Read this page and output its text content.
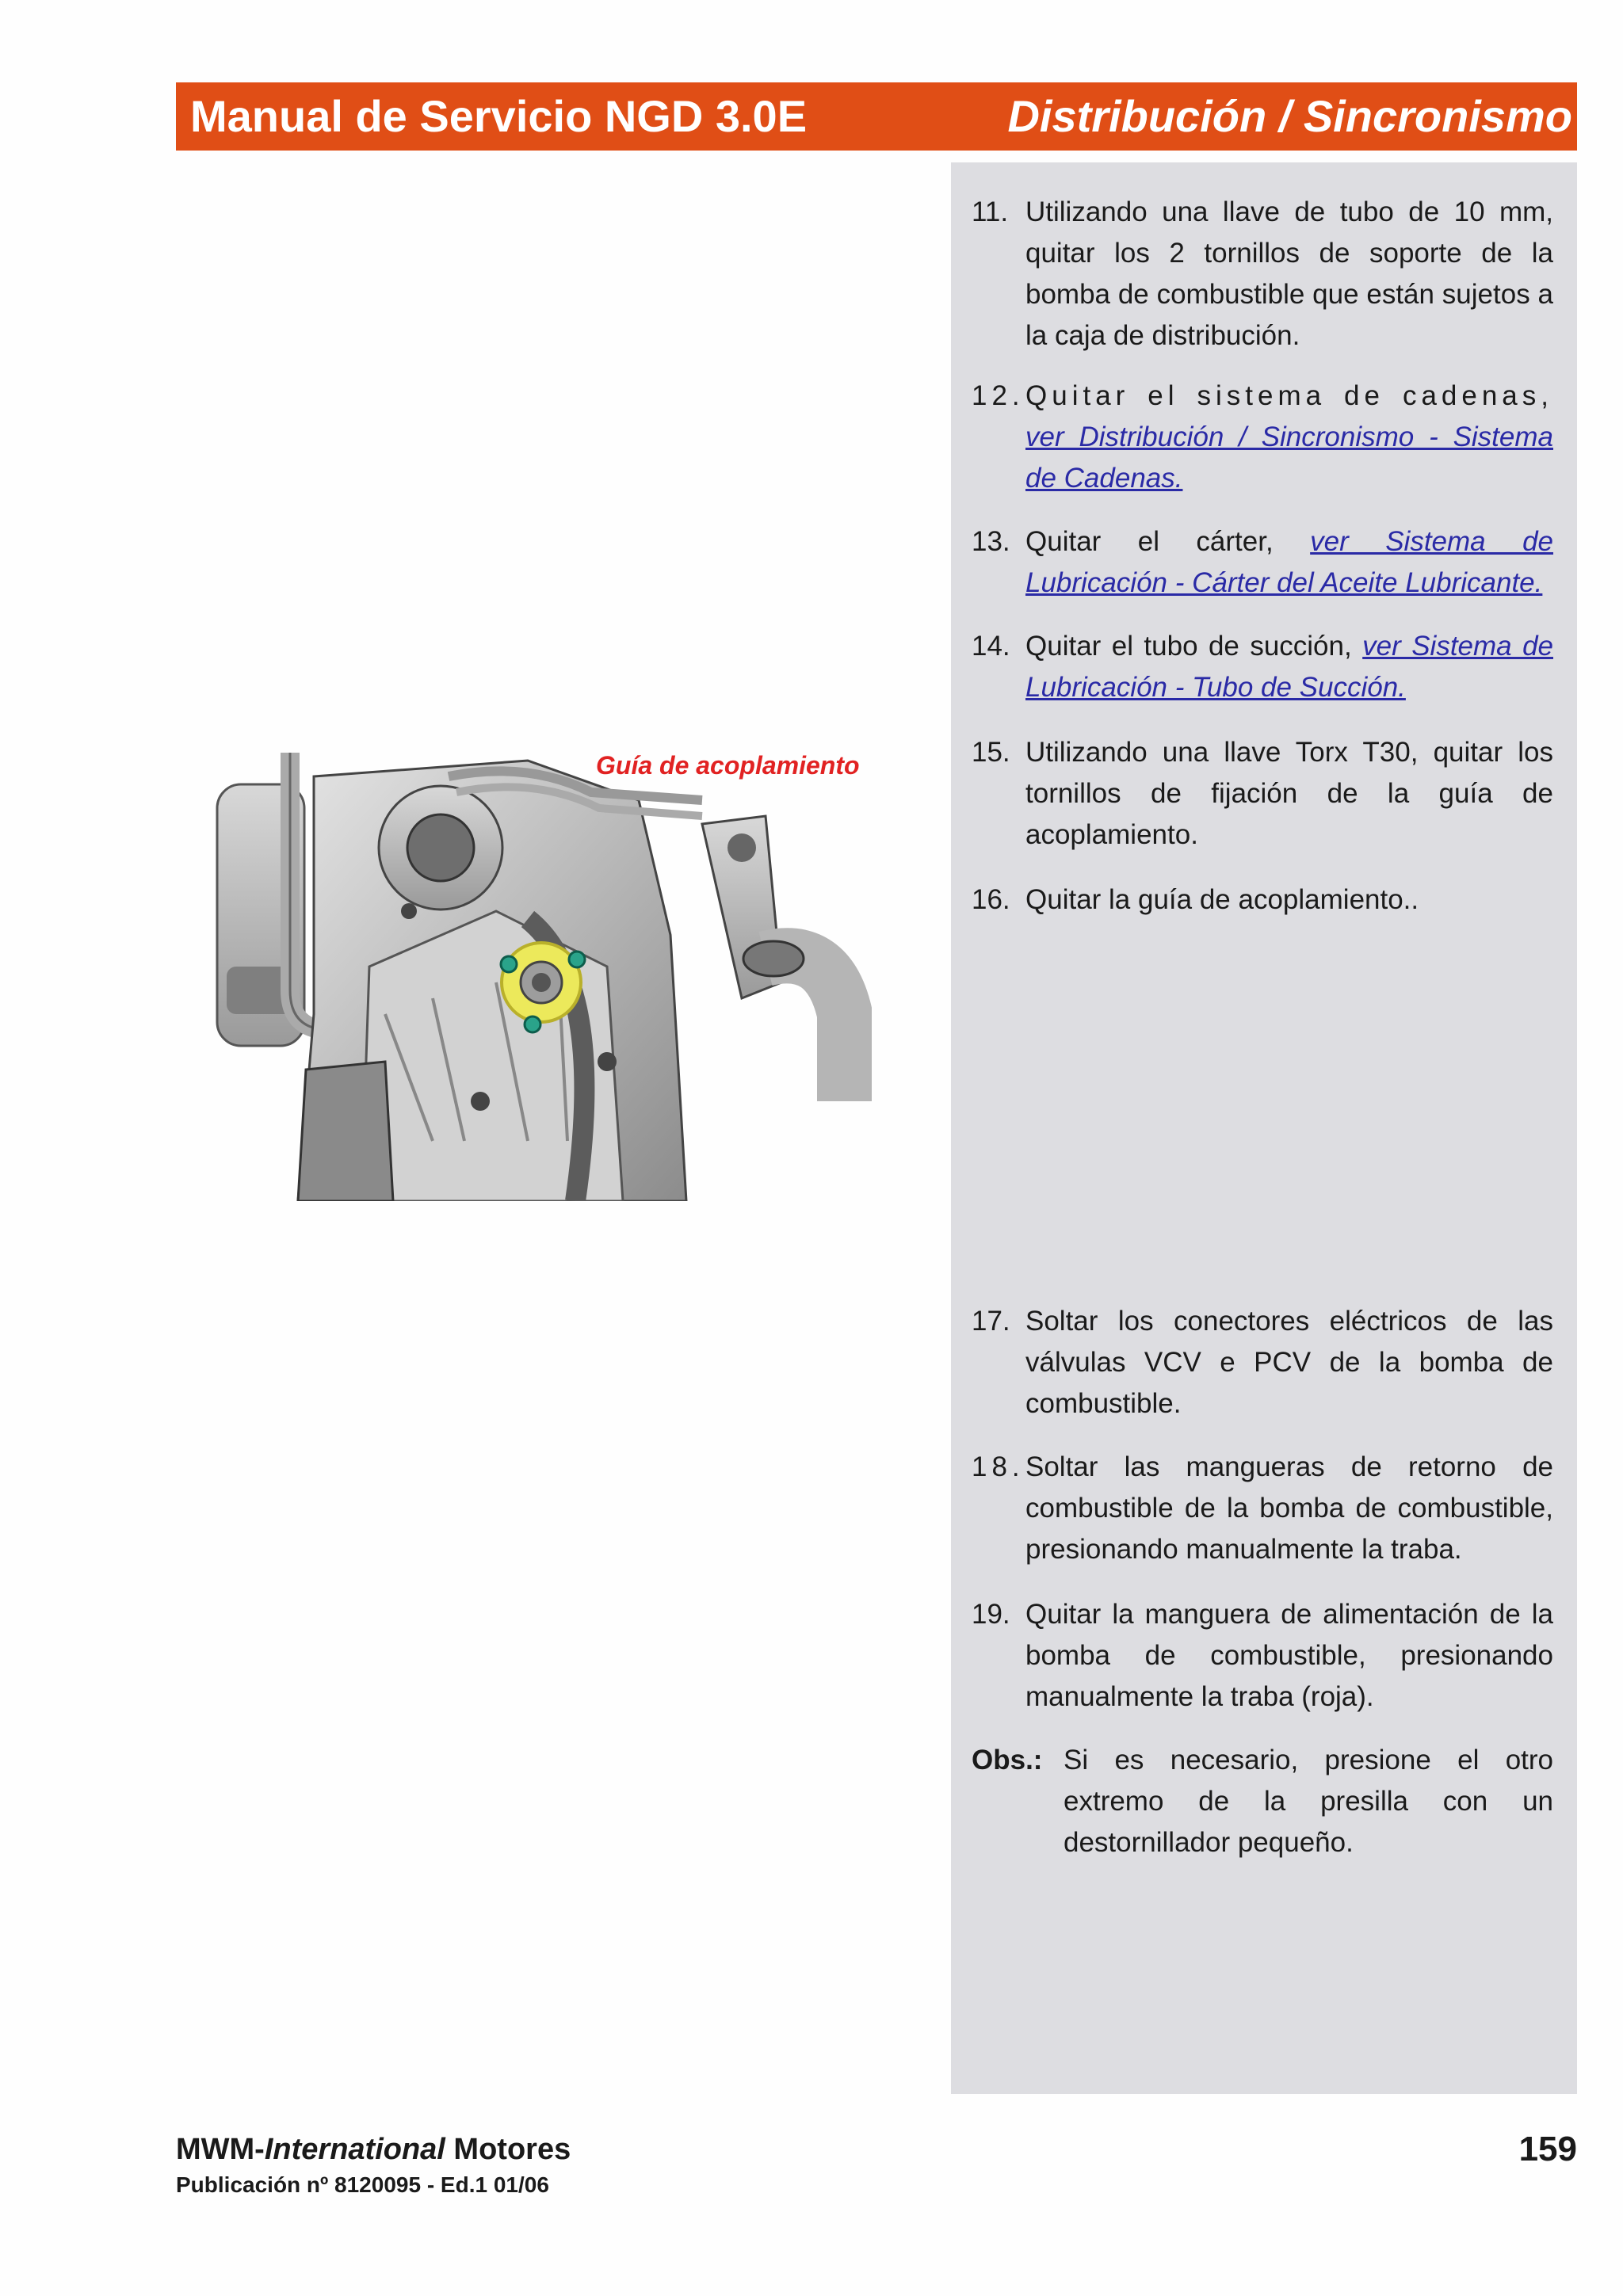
Manual de Servicio NGD 3.0E	Distribución / Sincronismo
11. Utilizando una llave de tubo de 10 mm, quitar los 2 tornillos de soporte de la bomba de combustible que están sujetos a la caja de distribución.
12. Quitar el sistema de cadenas, ver Distribución / Sincronismo - Sistema de Cadenas.
13. Quitar el cárter, ver Sistema de Lubricación - Cárter del Aceite Lubricante.
14. Quitar el tubo de succión, ver Sistema de Lubricación - Tubo de Succión.
15. Utilizando una llave Torx T30, quitar los tornillos de fijación de la guía de acoplamiento.
16. Quitar la guía de acoplamiento..
Guía de acoplamiento
17. Soltar los conectores eléctricos de las válvulas VCV e PCV de la bomba de combustible.
18. Soltar las mangueras de retorno de combustible de la bomba de combustible, presionando manualmente la traba.
19. Quitar la manguera de alimentación de la bomba de combustible, presionando manualmente la traba (roja).
Obs.: Si es necesario, presione el otro extremo de la presilla con un destornillador pequeño.
MWM-International Motores
Publicación nº 8120095 - Ed.1 01/06
159
